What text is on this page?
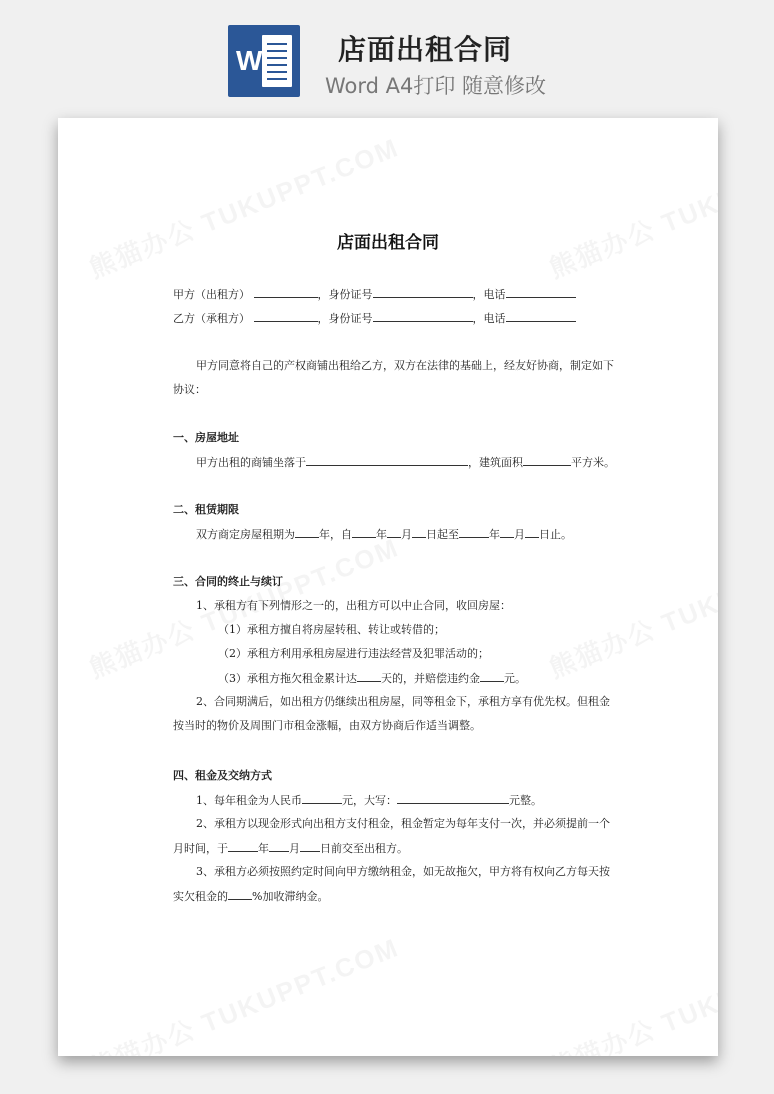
W	店面出租合同
Word A4打印 随意修改
店面出租合同
甲方（出租方）	，身份证号	，电话
乙方（承租方）	，身份证号	，电话
甲方同意将自己的产权商铺出租给乙方，双方在法律的基础上，经友好协商，制定如下
协议：
一、房屋地址
甲方出租的商铺坐落于	，建筑面积	平方米。
二、租赁期限
双方商定房屋租期为 年，自 年 月 日起至	年 月 日止。
三、合同的终止与续订
1、承租方有下列情形之一的，出租方可以中止合同，收回房屋：
（1）承租方擅自将房屋转租、转让或转借的；
（2）承租方利用承租房屋进行违法经营及犯罪活动的；
（3）承租方拖欠租金累计达 天的，并赔偿违约金 元。
2、合同期满后，如出租方仍继续出租房屋，同等租金下，承租方享有优先权。但租金
按当时的物价及周围门市租金涨幅，由双方协商后作适当调整。
四、租金及交纳方式
1、每年租金为人民币	元，大写：	元整。
2、承租方以现金形式向出租方支付租金，租金暂定为每年支付一次，并必须提前一个
月时间，于	年 月 日前交至出租方。
3、承租方必须按照约定时间向甲方缴纳租金，如无故拖欠，甲方将有权向乙方每天按
实欠租金的 %加收滞纳金。
